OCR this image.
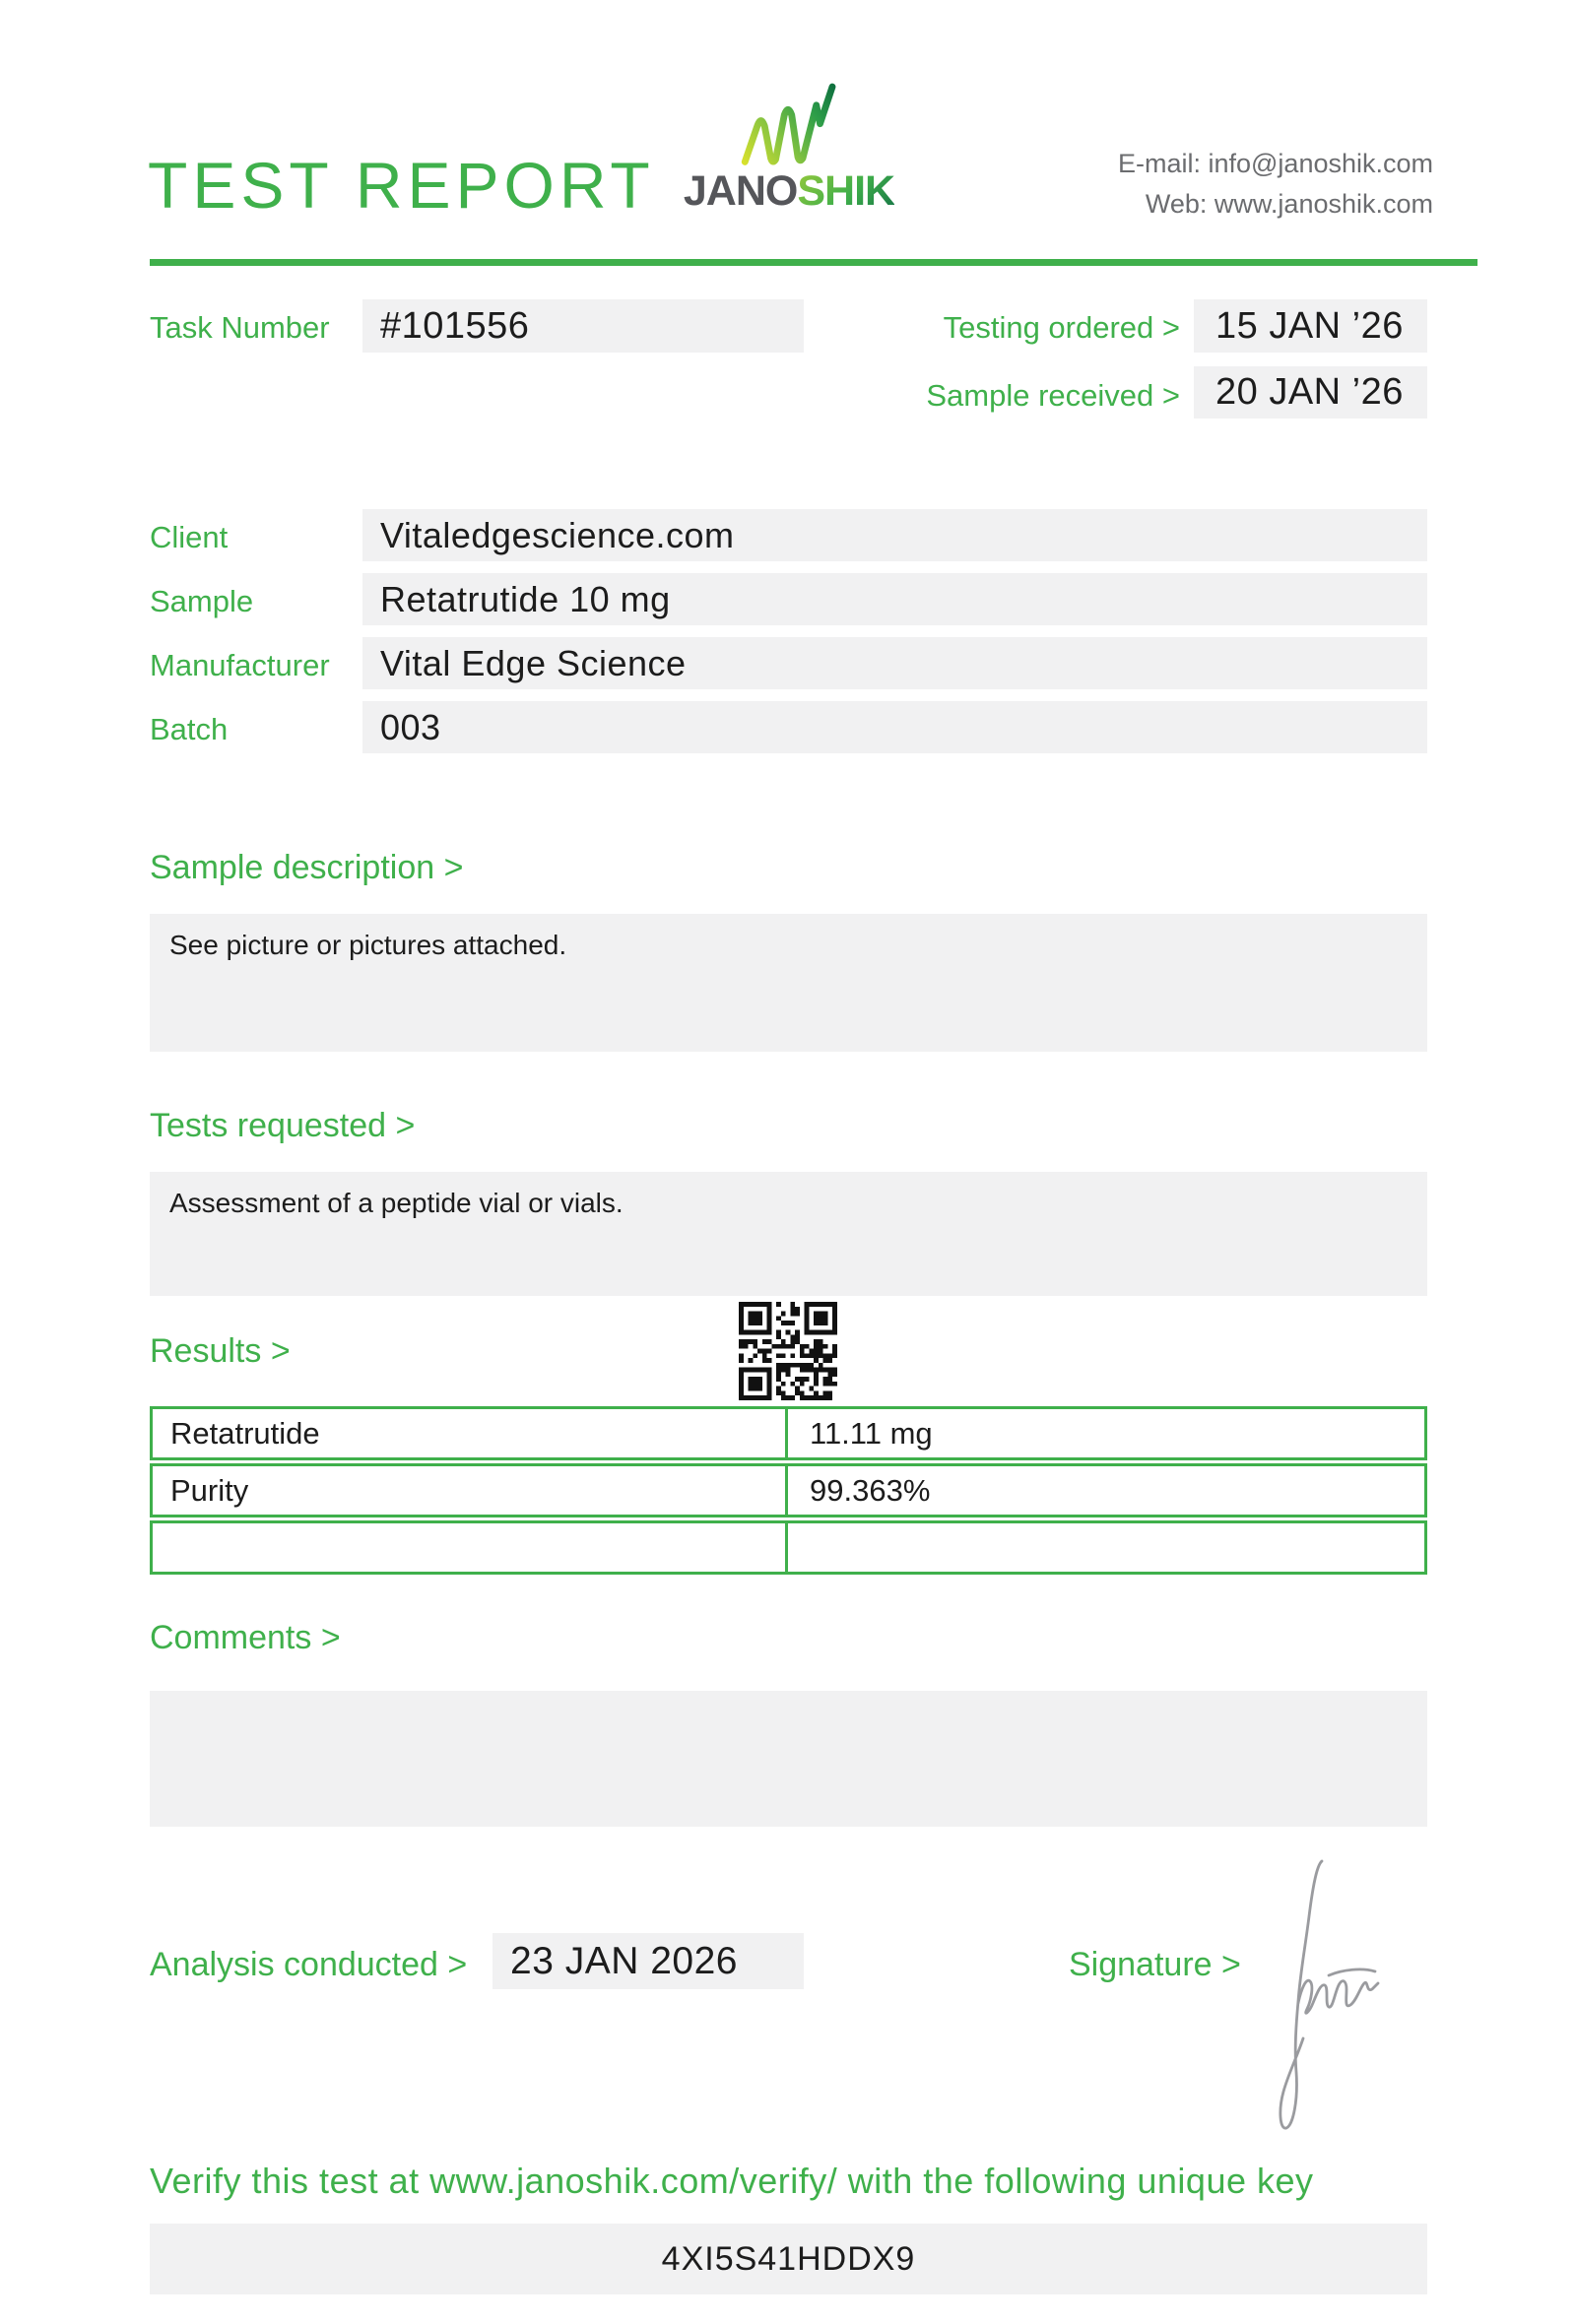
TEST REPORT JANOSHIK
E-mail: info@janoshik.com
Web: www.janoshik.com
Task Number	#101556	Testing ordered > 15 JAN ’26
Sample received > 20 JAN ’26
Client	Vitaledgescience.com
Sample	Retatrutide 10 mg
Manufacturer	Vital Edge Science
Batch	003
Sample description >
See picture or pictures attached.
Tests requested >
Assessment of a peptide vial or vials.
Results >
Retatrutide	11.11 mg
Purity	99.363%
Comments >
Analysis conducted >	23 JAN 2026	Signature >
Verify this test at www.janoshik.com/verify/ with the following unique key
4XI5S41HDDX9
